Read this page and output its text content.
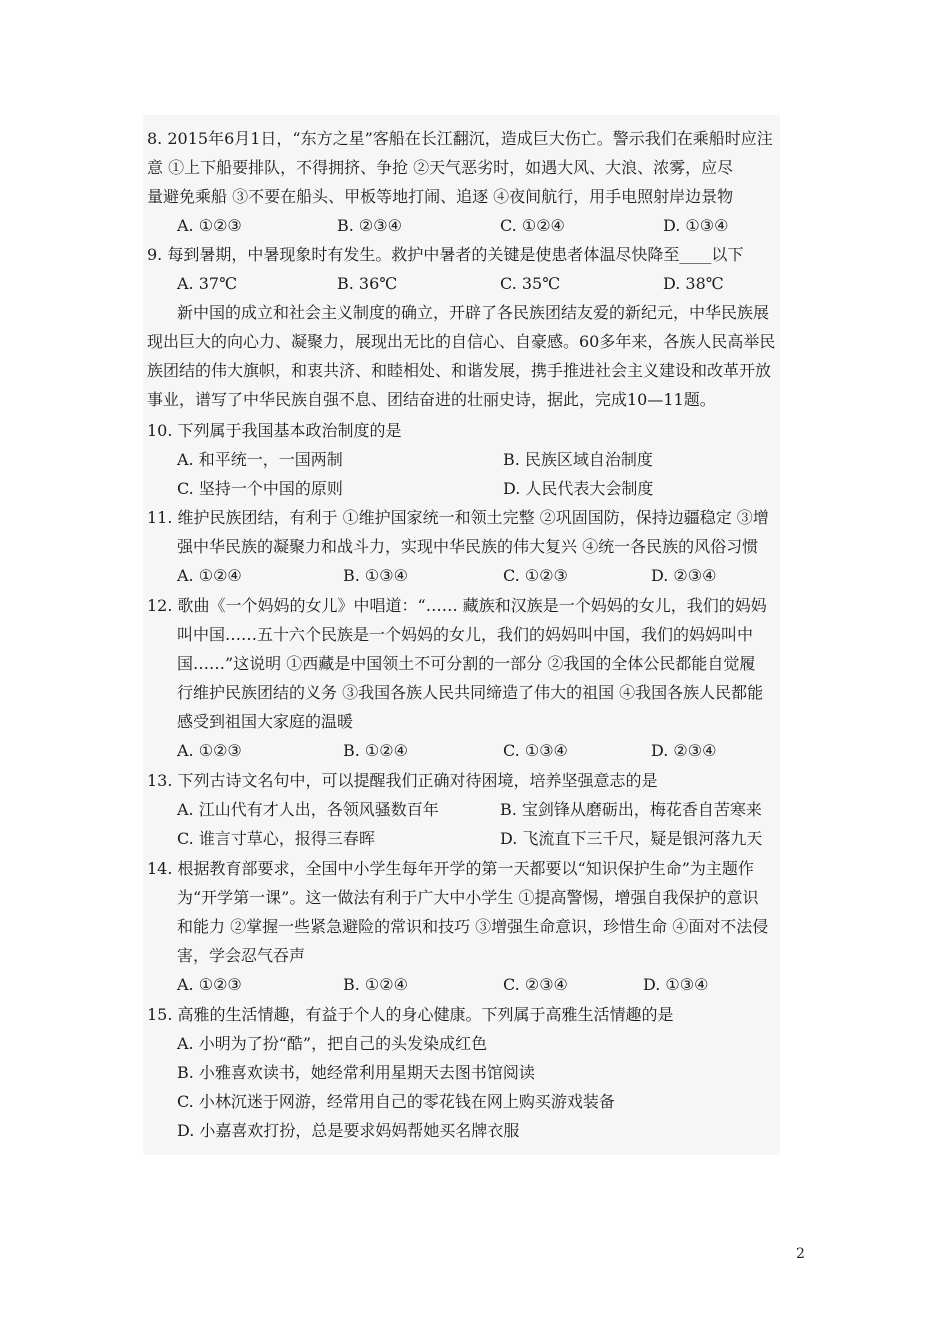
8. 2015年6月1日，“东方之星”客船在长江翻沉，造成巨大伤亡。警示我们在乘船时应注
意 ①上下船要排队，不得拥挤、争抢 ②天气恶劣时，如遇大风、大浪、浓雾，应尽
量避免乘船 ③不要在船头、甲板等地打闹、追逐 ④夜间航行，用手电照射岸边景物
A. ①②③	B. ②③④	C. ①②④	D. ①③④
9. 每到暑期，中暑现象时有发生。救护中暑者的关键是使患者体温尽快降至____以下
A. 37℃	B. 36℃	C. 35℃	D. 38℃
新中国的成立和社会主义制度的确立，开辟了各民族团结友爱的新纪元，中华民族展
现出巨大的向心力、凝聚力，展现出无比的自信心、自豪感。60多年来，各族人民高举民
族团结的伟大旗帜，和衷共济、和睦相处、和谐发展，携手推进社会主义建设和改革开放
事业，谱写了中华民族自强不息、团结奋进的壮丽史诗，据此，完成10—11题。
10. 下列属于我国基本政治制度的是
A. 和平统一，一国两制	B. 民族区域自治制度
C. 坚持一个中国的原则	D. 人民代表大会制度
11. 维护民族团结，有利于 ①维护国家统一和领土完整 ②巩固国防，保持边疆稳定 ③增
强中华民族的凝聚力和战斗力，实现中华民族的伟大复兴 ④统一各民族的风俗习惯
A. ①②④	B. ①③④	C. ①②③	D. ②③④
12. 歌曲《一个妈妈的女儿》中唱道：“…… 藏族和汉族是一个妈妈的女儿，我们的妈妈
叫中国……五十六个民族是一个妈妈的女儿，我们的妈妈叫中国，我们的妈妈叫中
国……”这说明 ①西藏是中国领土不可分割的一部分 ②我国的全体公民都能自觉履
行维护民族团结的义务 ③我国各族人民共同缔造了伟大的祖国 ④我国各族人民都能
感受到祖国大家庭的温暖
A. ①②③	B. ①②④	C. ①③④	D. ②③④
13. 下列古诗文名句中，可以提醒我们正确对待困境，培养坚强意志的是
A. 江山代有才人出，各领风骚数百年	B. 宝剑锋从磨砺出，梅花香自苦寒来
C. 谁言寸草心，报得三春晖	D. 飞流直下三千尺，疑是银河落九天
14. 根据教育部要求，全国中小学生每年开学的第一天都要以“知识保护生命”为主题作
为“开学第一课”。这一做法有利于广大中小学生 ①提高警惕，增强自我保护的意识
和能力 ②掌握一些紧急避险的常识和技巧 ③增强生命意识，珍惜生命 ④面对不法侵
害，学会忍气吞声
A. ①②③	B. ①②④	C. ②③④	D. ①③④
15. 高雅的生活情趣，有益于个人的身心健康。下列属于高雅生活情趣的是
A. 小明为了扮“酷”，把自己的头发染成红色
B. 小雅喜欢读书，她经常利用星期天去图书馆阅读
C. 小林沉迷于网游，经常用自己的零花钱在网上购买游戏装备
D. 小嘉喜欢打扮，总是要求妈妈帮她买名牌衣服
2
